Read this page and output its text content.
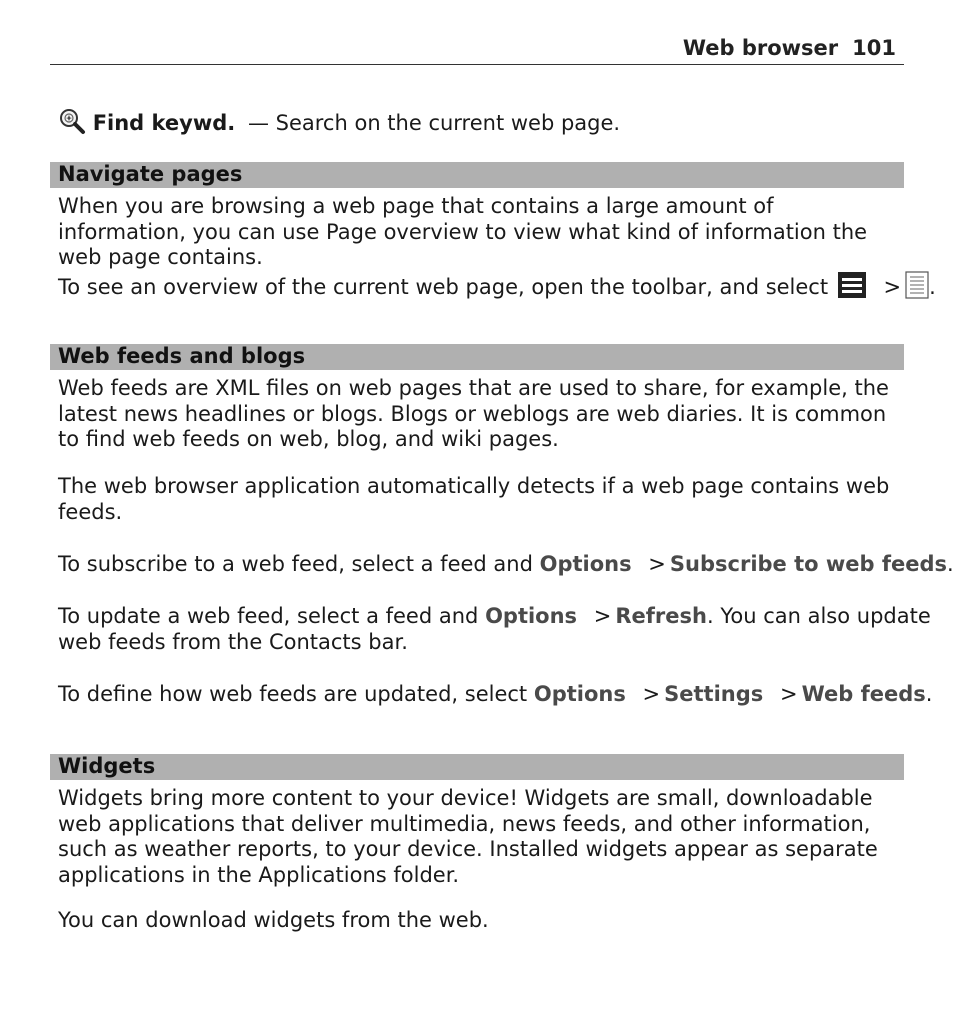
Web browser 101
Find keywd. — Search on the current web page.
Navigate pages
When you are browsing a web page that contains a large amount of information, you can use Page overview to view what kind of information the web page contains.
To see an overview of the current web page, open the toolbar, and select	> .
Web feeds and blogs
Web feeds are XML files on web pages that are used to share, for example, the latest news headlines or blogs. Blogs or weblogs are web diaries. It is common to find web feeds on web, blog, and wiki pages.
The web browser application automatically detects if a web page contains web feeds.
To subscribe to a web feed, select a feed and Options > Subscribe to web feeds.
To update a web feed, select a feed and Options > Refresh. You can also update
web feeds from the Contacts bar.
To define how web feeds are updated, select Options > Settings > Web feeds.
Widgets
Widgets bring more content to your device! Widgets are small, downloadable web applications that deliver multimedia, news feeds, and other information, such as weather reports, to your device. Installed widgets appear as separate applications in the Applications folder.
You can download widgets from the web.
